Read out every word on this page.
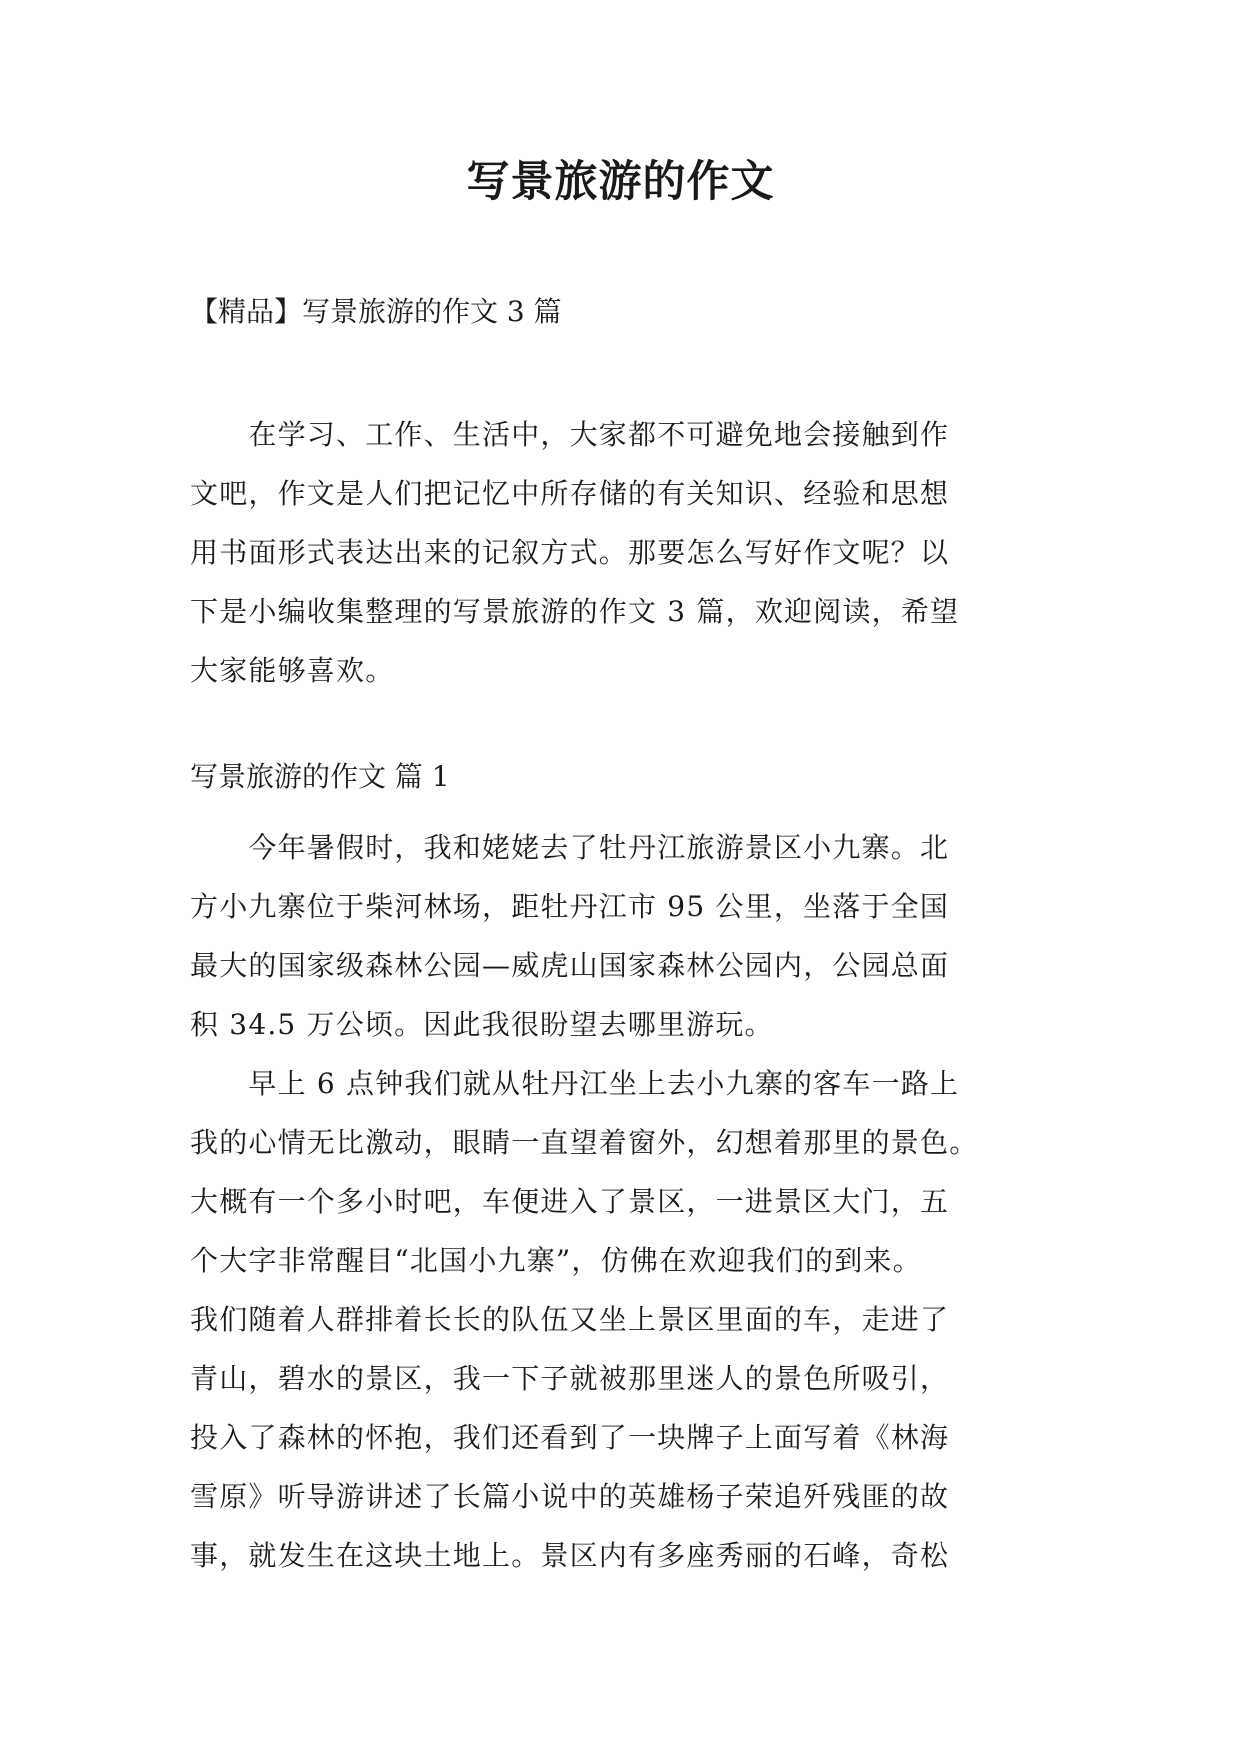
写景旅游的作文
【精品】写景旅游的作文 3 篇
　　在学习、工作、生活中，大家都不可避免地会接触到作
文吧，作文是人们把记忆中所存储的有关知识、经验和思想
用书面形式表达出来的记叙方式。那要怎么写好作文呢？以
下是小编收集整理的写景旅游的作文 3 篇，欢迎阅读，希望
大家能够喜欢。
写景旅游的作文 篇 1
　　今年暑假时，我和姥姥去了牡丹江旅游景区小九寨。北
方小九寨位于柴河林场，距牡丹江市 95 公里，坐落于全国
最大的国家级森林公园—威虎山国家森林公园内，公园总面
积 34.5 万公顷。因此我很盼望去哪里游玩。
　　早上 6 点钟我们就从牡丹江坐上去小九寨的客车一路上
我的心情无比激动，眼睛一直望着窗外，幻想着那里的景色。
大概有一个多小时吧，车便进入了景区，一进景区大门，五
个大字非常醒目“北国小九寨”，仿佛在欢迎我们的到来。
我们随着人群排着长长的队伍又坐上景区里面的车，走进了
青山，碧水的景区，我一下子就被那里迷人的景色所吸引，
投入了森林的怀抱，我们还看到了一块牌子上面写着《林海
雪原》听导游讲述了长篇小说中的英雄杨子荣追歼残匪的故
事，就发生在这块土地上。景区内有多座秀丽的石峰，奇松
